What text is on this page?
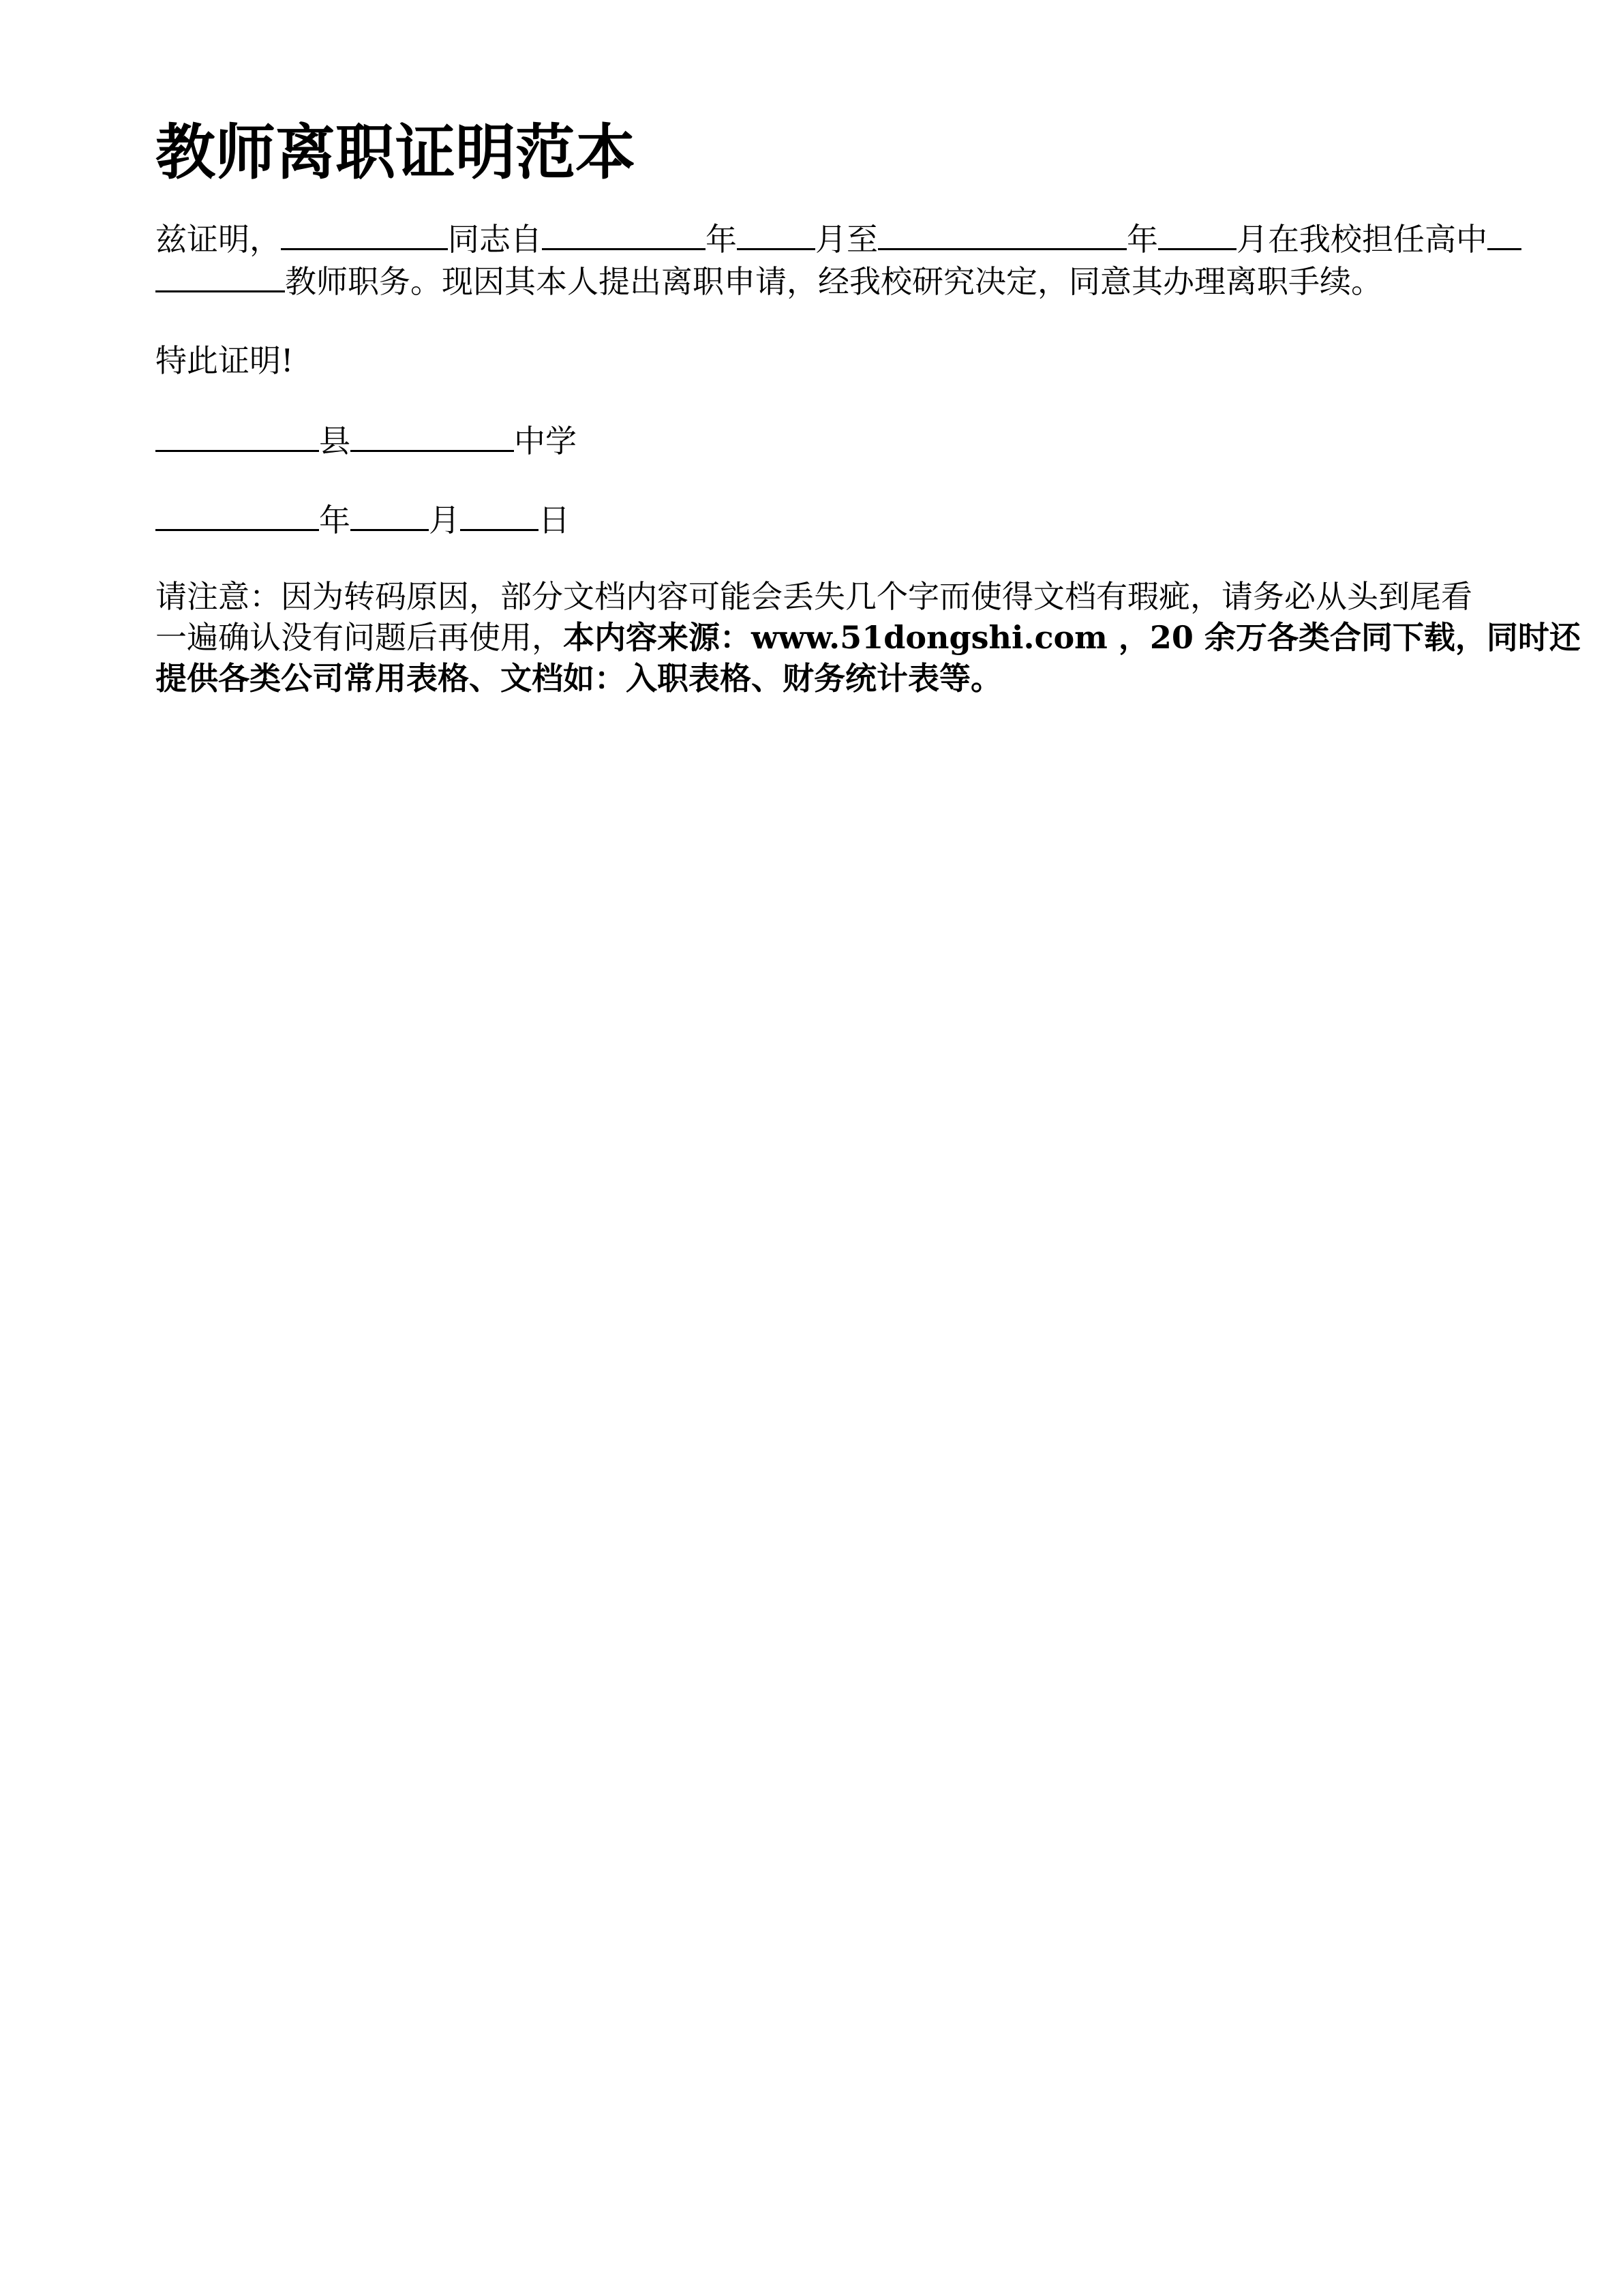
教师离职证明范本
兹证明，	同志自	年	月至	年	月在我校担任高中
教师职务。现因其本人提出离职申请，经我校研究决定，同意其办理离职手续。
特此证明!
县	中学
年	月	日
请注意：因为转码原因，部分文档内容可能会丢失几个字而使得文档有瑕疵，请务必从头到尾看
一遍确认没有问题后再使用，本内容来源：www.51dongshi.com ，20 余万各类合同下载，同时还
提供各类公司常用表格、文档如：入职表格、财务统计表等。
